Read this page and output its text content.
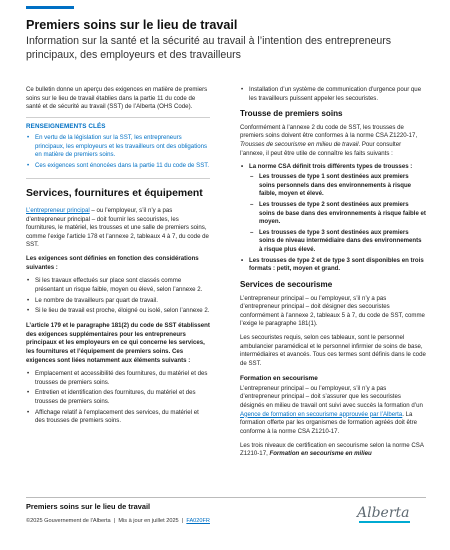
Premiers soins sur le lieu de travail
Information sur la santé et la sécurité au travail à l’intention des entrepreneurs principaux, des employeurs et des travailleurs

Ce bulletin donne un aperçu des exigences en matière de premiers soins sur le lieu de travail établies dans la partie 11 du code de santé et de sécurité au travail (SST) de l’Alberta (OHS Code).

RENSEIGNEMENTS CLÉS
• En vertu de la législation sur la SST, les entrepreneurs principaux, les employeurs et les travailleurs ont des obligations en matière de premiers soins.
• Ces exigences sont énoncées dans la partie 11 du code de SST.
Services, fournitures et équipement

L’entrepreneur principal – ou l’employeur, s’il n’y a pas d’entrepreneur principal – doit fournir les secouristes, les fournitures, le matériel, les trousses et une salle de premiers soins, comme l’exige l’article 178 et l’annexe 2, tableaux 4 à 7, du code de SST.

Les exigences sont définies en fonction des considérations suivantes :

• Si les travaux effectués sur place sont classés comme présentant un risque faible, moyen ou élevé, selon l’annexe 2.
• Le nombre de travailleurs par quart de travail.
• Si le lieu de travail est proche, éloigné ou isolé, selon l’annexe 2.

L’article 179 et le paragraphe 181(2) du code de SST établissent des exigences supplémentaires pour les entrepreneurs principaux et les employeurs en ce qui concerne les services, les fournitures et l’équipement de premiers soins. Ces exigences sont liées notamment aux éléments suivants :

• Emplacement et accessibilité des fournitures, du matériel et des trousses de premiers soins.
• Entretien et identification des fournitures, du matériel et des trousses de premiers soins.
• Affichage relatif à l’emplacement des services, du matériel et des trousses de premiers soins.
• Installation d’un système de communication d’urgence pour que les travailleurs puissent appeler les secouristes.
Trousse de premiers soins

Conformément à l’annexe 2 du code de SST, les trousses de premiers soins doivent être conformes à la norme CSA Z1220-17, Trousses de secourisme en milieu de travail. Pour consulter l’annexe, il peut être utile de connaître les faits suivants :

• La norme CSA définit trois différents types de trousses :
– Les trousses de type 1 sont destinées aux premiers soins personnels dans des environnements à risque faible, moyen et élevé.
– Les trousses de type 2 sont destinées aux premiers soins de base dans des environnements à risque faible et moyen.
– Les trousses de type 3 sont destinées aux premiers soins de niveau intermédiaire dans des environnements à risque plus élevé.
• Les trousses de type 2 et de type 3 sont disponibles en trois formats : petit, moyen et grand.
Services de secourisme

L’entrepreneur principal – ou l’employeur, s’il n’y a pas d’entrepreneur principal – doit désigner des secouristes conformément à l’annexe 2, tableaux 5 à 7, du code de SST, comme l’exige le paragraphe 181(1).

Les secouristes requis, selon ces tableaux, sont le personnel ambulancier paramédical et le personnel infirmier de soins de base, intermédiaires et avancés. Tous ces termes sont définis dans le code de SST.

Formation en secourisme

L’entrepreneur principal – ou l’employeur, s’il n’y a pas d’entrepreneur principal – doit s’assurer que les secouristes désignés en milieu de travail ont suivi avec succès la formation d’un Agence de formation en secourisme approuvée par l’Alberta. La formation offerte par les organismes de formation agréés doit être conforme à la norme CSA Z1210-17.

Les trois niveaux de certification en secourisme selon la norme CSA Z1210-17, Formation en secourisme en milieu

Premiers soins sur le lieu de travail
©2025 Gouvernement de l’Alberta | Mis à jour en juillet 2025 | FA020FR	Alberta
